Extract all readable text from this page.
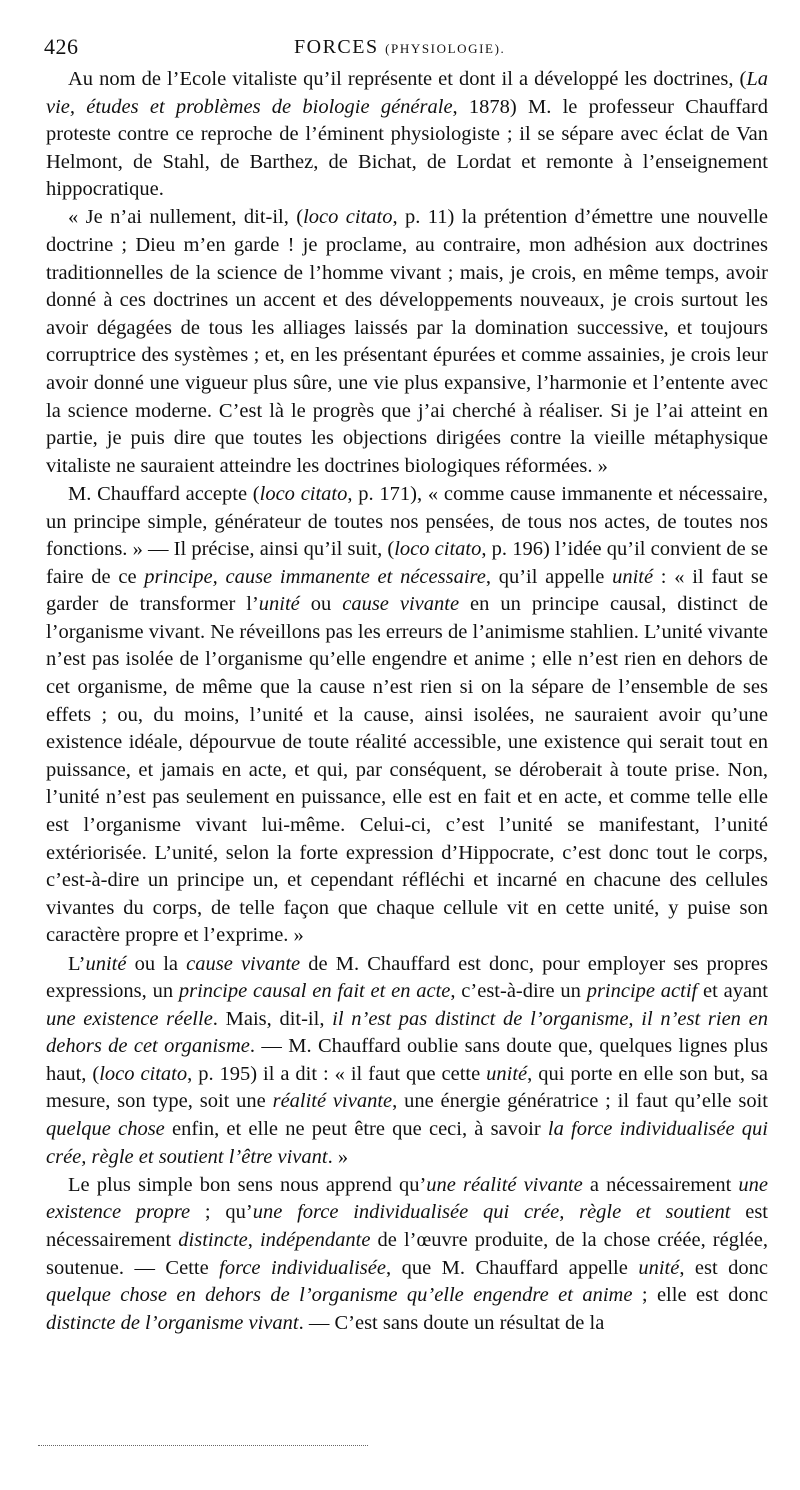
426	FORCES (PHYSIOLOGIE).

Au nom de l’Ecole vitaliste qu’il représente et dont il a développé les doctrines, (La vie, études et problèmes de biologie générale, 1878) M. le professeur Chauffard proteste contre ce reproche de l’éminent physiologiste ; il se sépare avec éclat de Van Helmont, de Stahl, de Barthez, de Bichat, de Lordat et remonte à l’enseignement hippocratique.

« Je n’ai nullement, dit-il, (loco citato, p. 11) la prétention d’émettre une nouvelle doctrine ; Dieu m’en garde ! je proclame, au contraire, mon adhésion aux doctrines traditionnelles de la science de l’homme vivant ; mais, je crois, en même temps, avoir donné à ces doctrines un accent et des développements nouveaux, je crois surtout les avoir dégagées de tous les alliages laissés par la domination successive, et toujours corruptrice des systèmes ; et, en les présentant épurées et comme assainies, je crois leur avoir donné une vigueur plus sûre, une vie plus expansive, l’harmonie et l’entente avec la science moderne. C’est là le progrès que j’ai cherché à réaliser. Si je l’ai atteint en partie, je puis dire que toutes les objections dirigées contre la vieille métaphysique vitaliste ne sauraient atteindre les doctrines biologiques réformées. »

M. Chauffard accepte (loco citato, p. 171), « comme cause immanente et nécessaire, un principe simple, générateur de toutes nos pensées, de tous nos actes, de toutes nos fonctions. » — Il précise, ainsi qu’il suit, (loco citato, p. 196) l’idée qu’il convient de se faire de ce principe, cause immanente et nécessaire, qu’il appelle unité : « il faut se garder de transformer l’unité ou cause vivante en un principe causal, distinct de l’organisme vivant. Ne réveillons pas les erreurs de l’animisme stahlien. L’unité vivante n’est pas isolée de l’organisme qu’elle engendre et anime ; elle n’est rien en dehors de cet organisme, de même que la cause n’est rien si on la sépare de l’ensemble de ses effets ; ou, du moins, l’unité et la cause, ainsi isolées, ne sauraient avoir qu’une existence idéale, dépourvue de toute réalité accessible, une existence qui serait tout en puissance, et jamais en acte, et qui, par conséquent, se déroberait à toute prise. Non, l’unité n’est pas seulement en puissance, elle est en fait et en acte, et comme telle elle est l’organisme vivant lui-même. Celui-ci, c’est l’unité se manifestant, l’unité extériorisée. L’unité, selon la forte expression d’Hippocrate, c’est donc tout le corps, c’est-à-dire un principe un, et cependant réfléchi et incarné en chacune des cellules vivantes du corps, de telle façon que chaque cellule vit en cette unité, y puise son caractère propre et l’exprime. »

L’unité ou la cause vivante de M. Chauffard est donc, pour employer ses propres expressions, un principe causal en fait et en acte, c’est-à-dire un principe actif et ayant une existence réelle. Mais, dit-il, il n’est pas distinct de l’organisme, il n’est rien en dehors de cet organisme. — M. Chauffard oublie sans doute que, quelques lignes plus haut, (loco citato, p. 195) il a dit : « il faut que cette unité, qui porte en elle son but, sa mesure, son type, soit une réalité vivante, une énergie génératrice ; il faut qu’elle soit quelque chose enfin, et elle ne peut être que ceci, à savoir la force individualisée qui crée, règle et soutient l’être vivant. »

Le plus simple bon sens nous apprend qu’une réalité vivante a nécessairement une existence propre ; qu’une force individualisée qui crée, règle et soutient est nécessairement distincte, indépendante de l’œuvre produite, de la chose créée, réglée, soutenue. — Cette force individualisée, que M. Chauffard appelle unité, est donc quelque chose en dehors de l’organisme qu’elle engendre et anime ; elle est donc distincte de l’organisme vivant. — C’est sans doute un résultat de la
